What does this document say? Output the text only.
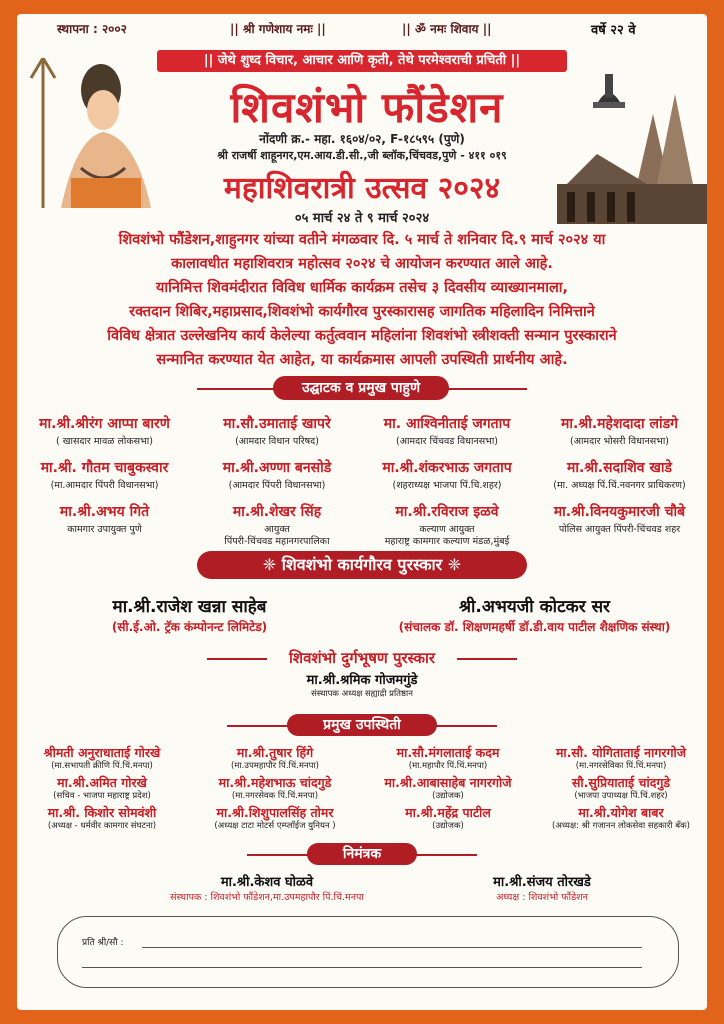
स्थापना : २००२	|| श्री गणेशाय नमः ||	|| ॐ नमः शिवाय ||	वर्षे २२ वे
|| जेथे शुध्द विचार, आचार आणि कृती, तेथे परमेश्वराची प्रचिती ||
शिवशंभो फौंडेशन
नोंदणी क्र.- महा. १६०४/०२, F-१८५९५ (पुणे)
श्री राजर्षी शाहूनगर,एम.आय.डी.सी.,जी ब्लॉक,चिंचवड,पुणे - ४११ ०१९
महाशिवरात्री उत्सव २०२४
०५ मार्च २४ ते ९ मार्च २०२४
शिवशंभो फौंडेशन,शाहुनगर यांच्या वतीने मंगळवार दि. ५ मार्च ते शनिवार दि.९ मार्च २०२४ या
कालावधीत महाशिवरात्र महोत्सव २०२४ चे आयोजन करण्यात आले आहे.
यानिमित्त शिवमंदीरात विविध धार्मिक कार्यक्रम तसेच ३ दिवसीय व्याख्यानमाला,
रक्तदान शिबिर,महाप्रसाद,शिवशंभो कार्यगौरव पुरस्कारासह जागतिक महिलादिन निमित्ताने
विविध क्षेत्रात उल्लेखनिय कार्य केलेल्या कर्तुत्ववान महिलांना शिवशंभो स्त्रीशक्ती सन्मान पुरस्काराने
सन्मानित करण्यात येत आहेत, या कार्यक्रमास आपली उपस्थिती प्रार्थनीय आहे.
उद्घाटक व प्रमुख पाहुणे
मा.श्री.श्रीरंग आप्पा बारणे
( खासदार मावळ लोकसभा)
मा.सौ.उमाताई खापरे
(आमदार विधान परिषद)
मा. आश्विनीताई जगताप
(आमदार चिंचवड विधानसभा)
मा.श्री.महेशदादा लांडगे
(आमदार भोसरी विधानसभा)
मा.श्री. गौतम चाबुकस्वार
(मा.आमदार पिंपरी विधानसभा)
मा.श्री.अण्णा बनसोडे
(आमदार पिंपरी विधानसभा)
मा.श्री.शंकरभाऊ जगताप
(शहराध्यक्ष भाजपा पिं.चि.शहर)
मा.श्री.सदाशिव खाडे
(मा. अध्यक्ष पिं.चिं.नवनगर प्राधिकरण)
मा.श्री.अभय गिते
कामगार उपायुक्त पुणे
मा.श्री.शेखर सिंह
आयुक्त
पिंपरी-चिंचवड महानगरपालिका
मा.श्री.रविराज इळवे
कल्याण आयुक्त
महाराष्ट्र कामगार कल्याण मंडळ,मुंबई
मा.श्री.विनयकुमारजी चौबे
पोलिस आयुक्त पिंपरी-चिंचवड शहर
❈ शिवशंभो कार्यगौरव पुरस्कार ❈
मा.श्री.राजेश खन्ना साहेब
(सी.ई.ओ. ट्रॅक कंम्पोनन्ट लिमिटेड)
श्री.अभयजी कोटकर सर
(संचालक डॉ. शिक्षणमहर्षी डॉ.डी.वाय पाटील शैक्षणिक संस्था)
शिवशंभो दुर्गभूषण पुरस्कार
मा.श्री.श्रमिक गोजमगुंडे
संस्थापक अध्यक्ष सह्याद्री प्रतिष्ठान
प्रमुख उपस्थिती
श्रीमती अनुराधाताई गोरखे
(मा.सभापती क्रीणि पिं.चिं.मनपा)
मा.श्री.तुषार हिंगे
(मा.उपमहापौर पिं.चिं.मनपा)
मा.सौ.मंगलाताई कदम
(मा.महापौर पिं.चिं.मनपा)
मा.सौ. योगिताताई नागरगोजे
(मा.नगरसेविका पिं.चिं.मनपा)
मा.श्री.अमित गोरखे
(सचिव - भाजपा महाराष्ट्र प्रदेश)
मा.श्री.महेशभाऊ चांदगुडे
(मा.नगरसेवक पिं.चिं.मनपा)
मा.श्री.आबासाहेब नागरगोजे
(उद्योजक)
सौ.सुप्रियाताई चांदगुडे
(भाजपा उपाध्यक्ष पिं.चिं.शहर)
मा.श्री. किशोर सोमवंशी
(अध्यक्ष - धर्मवीर कामगार संघटना)
मा.श्री.शिशुपालसिंह तोमर
(अध्यक्ष टाटा मोटर्स एम्प्लॉईज युनियन )
मा.श्री.महेंद्र पाटील
(उद्योजक)
मा.श्री.योगेश बाबर
(अध्यक्ष: श्री गजानन लोकसेवा सहकारी बँक)
निमंत्रक
मा.श्री.केशव घोळवे
संस्थापक : शिवशंभो फौंडेशन,मा.उपमहापौर पिं.चिं.मनपा
मा.श्री.संजय तोरखडे
अध्यक्ष : शिवशंभो फौंडेशन
प्रति श्री/सौ :
